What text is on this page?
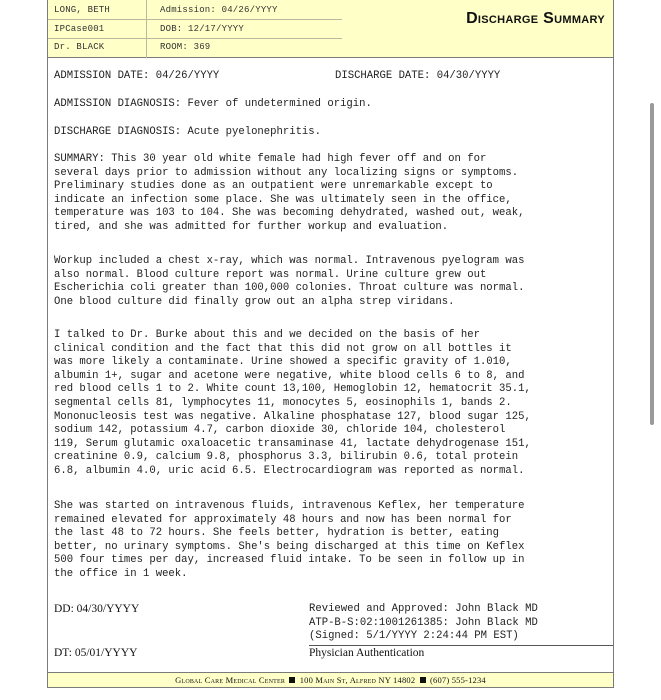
LONG, BETH
IPCase001
Dr. BLACK
Admission: 04/26/YYYY
DOB: 12/17/YYYY
ROOM: 369
Discharge Summary
ADMISSION DATE: 04/26/YYYY	DISCHARGE DATE: 04/30/YYYY
ADMISSION DIAGNOSIS: Fever of undetermined origin.
DISCHARGE DIAGNOSIS: Acute pyelonephritis.
SUMMARY: This 30 year old white female had high fever off and on for
several days prior to admission without any localizing signs or symptoms.
Preliminary studies done as an outpatient were unremarkable except to
indicate an infection some place. She was ultimately seen in the office,
temperature was 103 to 104. She was becoming dehydrated, washed out, weak,
tired, and she was admitted for further workup and evaluation.
Workup included a chest x-ray, which was normal. Intravenous pyelogram was
also normal. Blood culture report was normal. Urine culture grew out
Escherichia coli greater than 100,000 colonies. Throat culture was normal.
One blood culture did finally grow out an alpha strep viridans.
I talked to Dr. Burke about this and we decided on the basis of her
clinical condition and the fact that this did not grow on all bottles it
was more likely a contaminate. Urine showed a specific gravity of 1.010,
albumin 1+, sugar and acetone were negative, white blood cells 6 to 8, and
red blood cells 1 to 2. White count 13,100, Hemoglobin 12, hematocrit 35.1,
segmental cells 81, lymphocytes 11, monocytes 5, eosinophils 1, bands 2.
Mononucleosis test was negative. Alkaline phosphatase 127, blood sugar 125,
sodium 142, potassium 4.7, carbon dioxide 30, chloride 104, cholesterol
119, Serum glutamic oxaloacetic transaminase 41, lactate dehydrogenase 151,
creatinine 0.9, calcium 9.8, phosphorus 3.3, bilirubin 0.6, total protein
6.8, albumin 4.0, uric acid 6.5. Electrocardiogram was reported as normal.
She was started on intravenous fluids, intravenous Keflex, her temperature
remained elevated for approximately 48 hours and now has been normal for
the last 48 to 72 hours. She feels better, hydration is better, eating
better, no urinary symptoms. She's being discharged at this time on Keflex
500 four times per day, increased fluid intake. To be seen in follow up in
the office in 1 week.
DD: 04/30/YYYY
DT: 05/01/YYYY
Reviewed and Approved: John Black MD
ATP-B-S:02:1001261385: John Black MD
(Signed: 5/1/YYYY 2:24:44 PM EST)
Physician Authentication
Global Care Medical Center 100 Main St, Alfred NY 14802 (607) 555-1234
